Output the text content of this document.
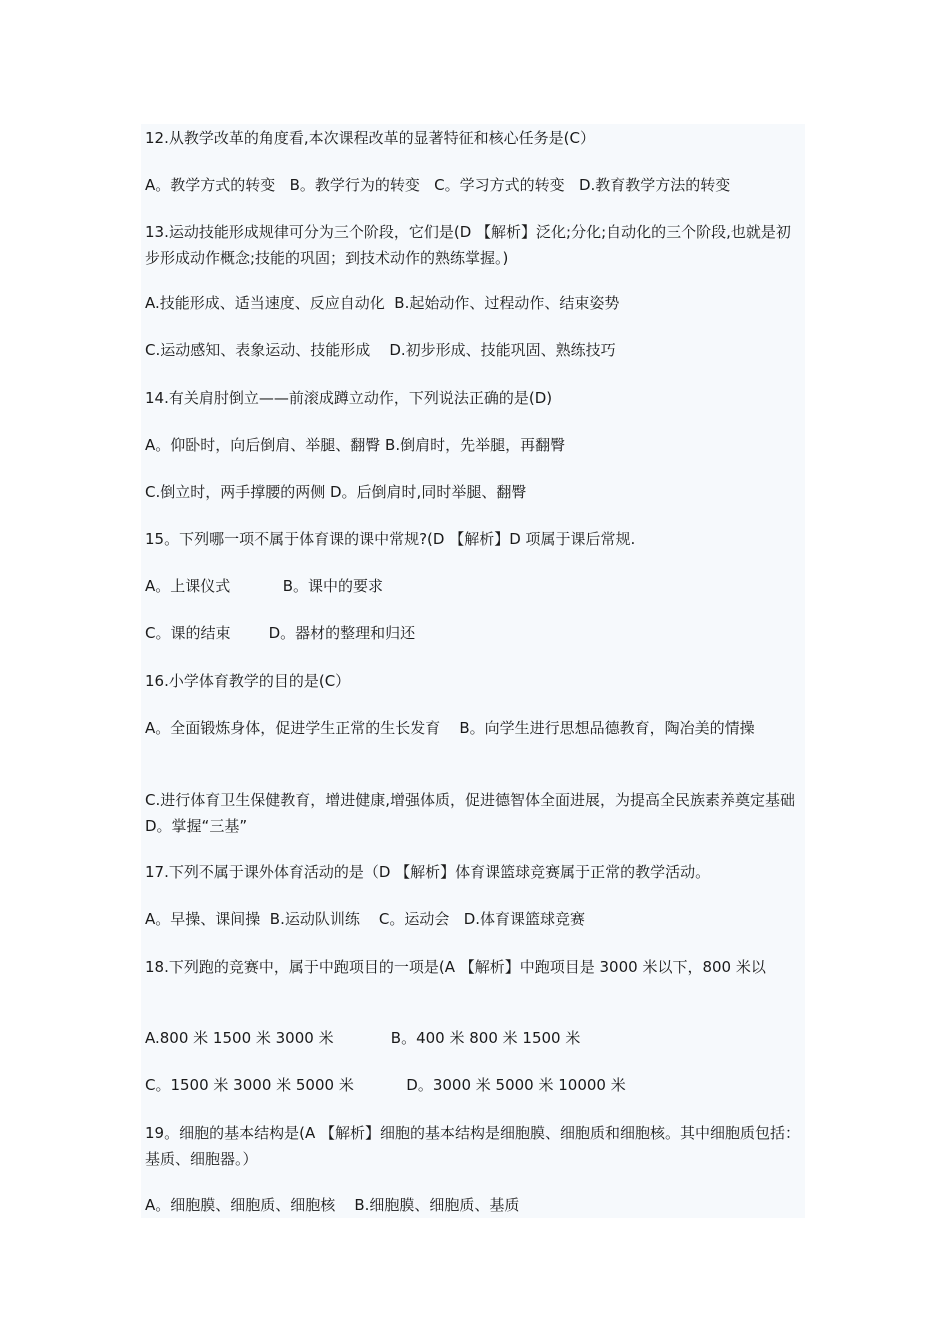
12.从教学改革的角度看,本次课程改革的显著特征和核心任务是(C）

A。教学方式的转变   B。教学行为的转变   C。学习方式的转变   D.教育教学方法的转变

13.运动技能形成规律可分为三个阶段，它们是(D 【解析】泛化;分化;自动化的三个阶段,也就是初步形成动作概念;技能的巩固；到技术动作的熟练掌握。)

A.技能形成、适当速度、反应自动化  B.起始动作、过程动作、结束姿势

C.运动感知、表象运动、技能形成    D.初步形成、技能巩固、熟练技巧

14.有关肩肘倒立——前滚成蹲立动作，下列说法正确的是(D)

A。仰卧时，向后倒肩、举腿、翻臀 B.倒肩时，先举腿，再翻臀

C.倒立时，两手撑腰的两侧 D。后倒肩时,同时举腿、翻臀

15。下列哪一项不属于体育课的课中常规?(D 【解析】D 项属于课后常规.

A。上课仪式           B。课中的要求

C。课的结束        D。器材的整理和归还

16.小学体育教学的目的是(C）

A。全面锻炼身体，促进学生正常的生长发育    B。向学生进行思想品德教育，陶冶美的情操

C.进行体育卫生保健教育，增进健康,增强体质，促进德智体全面进展，为提高全民族素养奠定基础                        D。掌握“三基”

17.下列不属于课外体育活动的是（D 【解析】体育课篮球竞赛属于正常的教学活动。

A。早操、课间操  B.运动队训练    C。运动会   D.体育课篮球竞赛

18.下列跑的竞赛中，属于中跑项目的一项是(A 【解析】中跑项目是 3000 米以下，800 米以

A.800 米 1500 米 3000 米            B。400 米 800 米 1500 米

C。1500 米 3000 米 5000 米           D。3000 米 5000 米 10000 米

19。细胞的基本结构是(A 【解析】细胞的基本结构是细胞膜、细胞质和细胞核。其中细胞质包括：基质、细胞器。）

A。细胞膜、细胞质、细胞核    B.细胞膜、细胞质、基质
